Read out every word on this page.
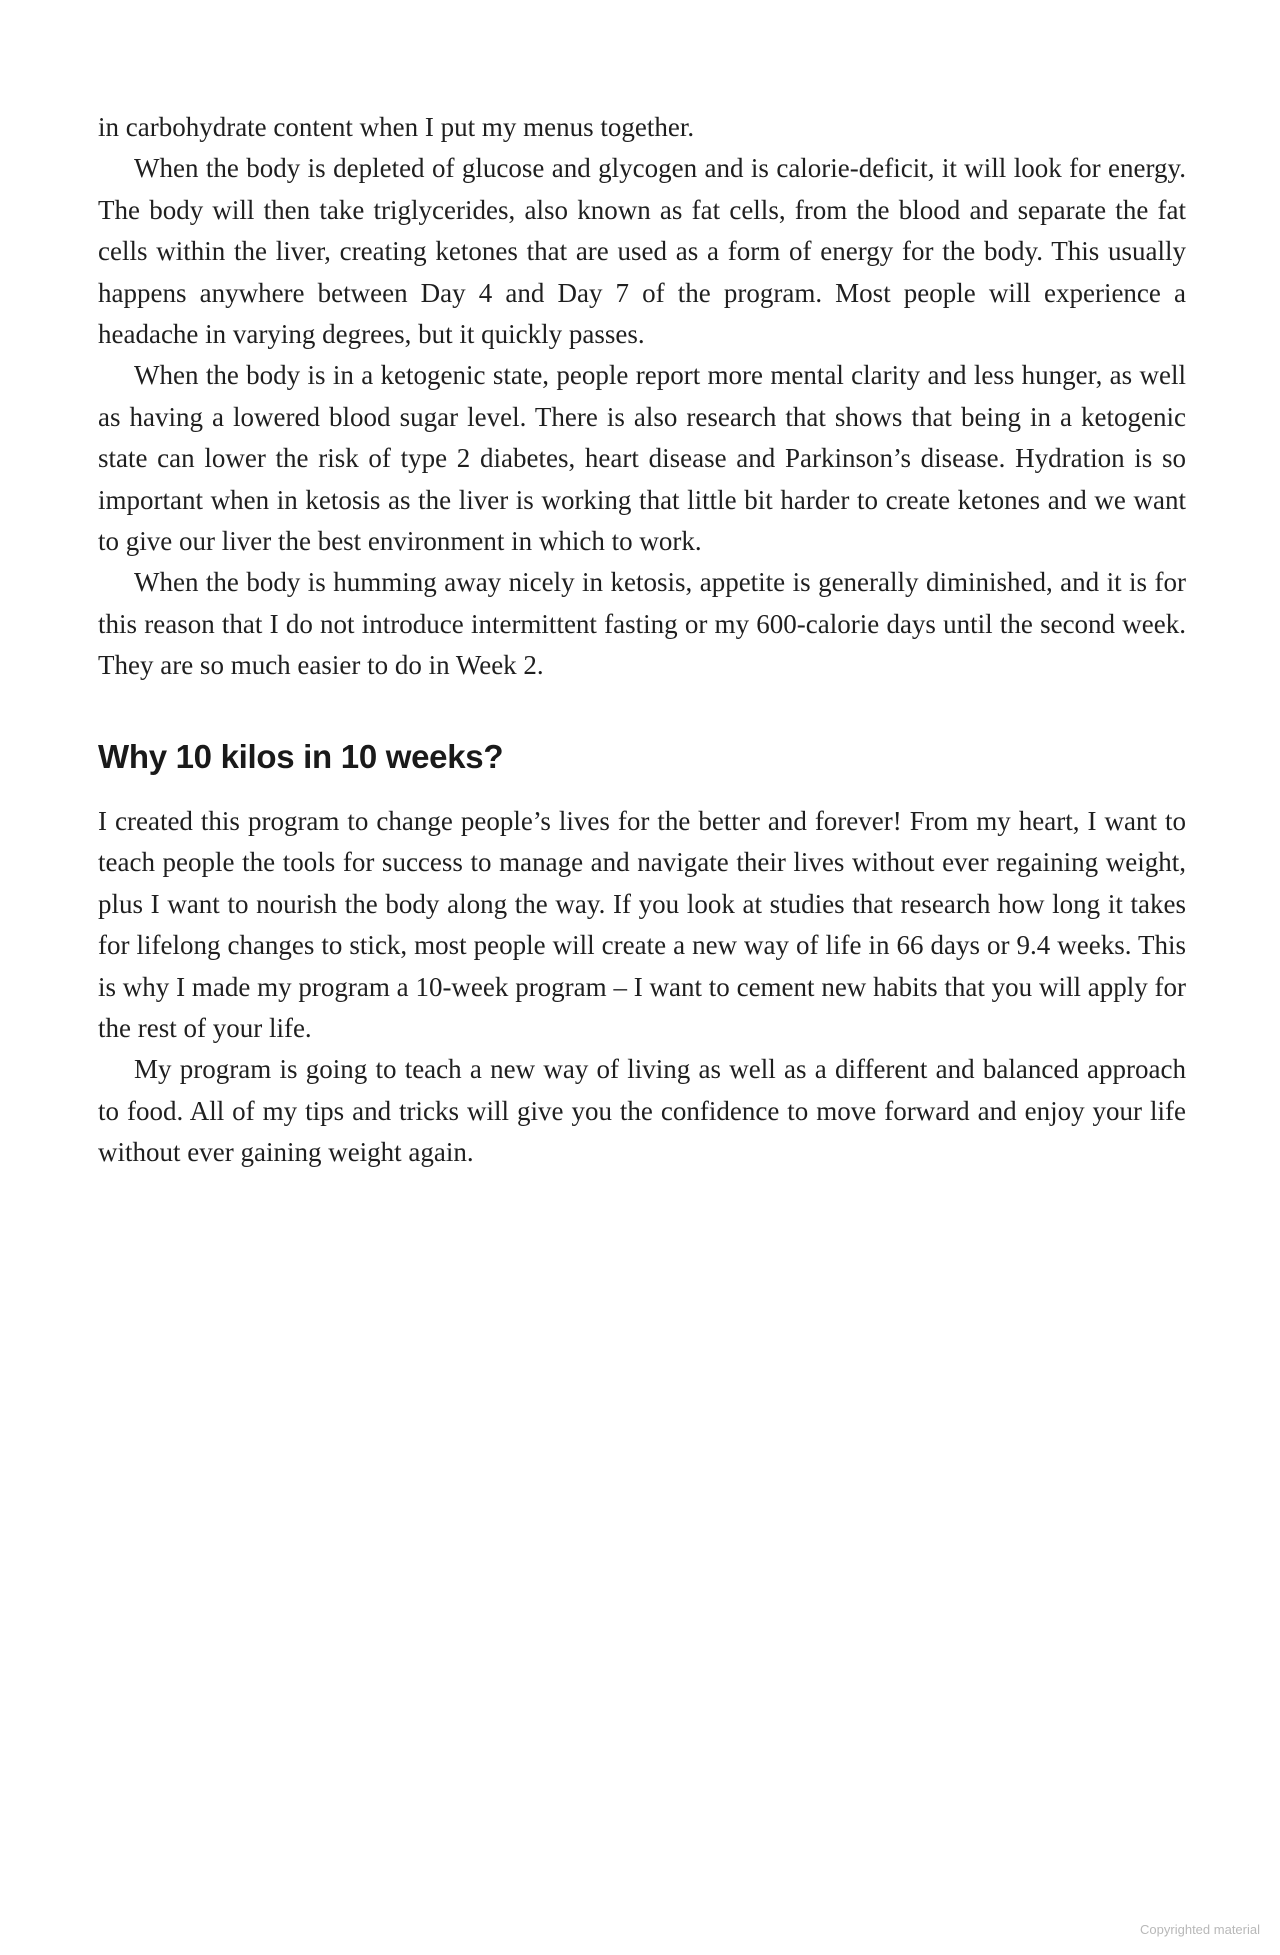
in carbohydrate content when I put my menus together.

When the body is depleted of glucose and glycogen and is calorie-deficit, it will look for energy. The body will then take triglycerides, also known as fat cells, from the blood and separate the fat cells within the liver, creating ketones that are used as a form of energy for the body. This usually happens anywhere between Day 4 and Day 7 of the program. Most people will experience a headache in varying degrees, but it quickly passes.

When the body is in a ketogenic state, people report more mental clarity and less hunger, as well as having a lowered blood sugar level. There is also research that shows that being in a ketogenic state can lower the risk of type 2 diabetes, heart disease and Parkinson’s disease. Hydration is so important when in ketosis as the liver is working that little bit harder to create ketones and we want to give our liver the best environment in which to work.

When the body is humming away nicely in ketosis, appetite is generally diminished, and it is for this reason that I do not introduce intermittent fasting or my 600-calorie days until the second week. They are so much easier to do in Week 2.

Why 10 kilos in 10 weeks?

I created this program to change people’s lives for the better and forever! From my heart, I want to teach people the tools for success to manage and navigate their lives without ever regaining weight, plus I want to nourish the body along the way. If you look at studies that research how long it takes for lifelong changes to stick, most people will create a new way of life in 66 days or 9.4 weeks. This is why I made my program a 10-week program – I want to cement new habits that you will apply for the rest of your life.

My program is going to teach a new way of living as well as a different and balanced approach to food. All of my tips and tricks will give you the confidence to move forward and enjoy your life without ever gaining weight again.

Copyrighted material
